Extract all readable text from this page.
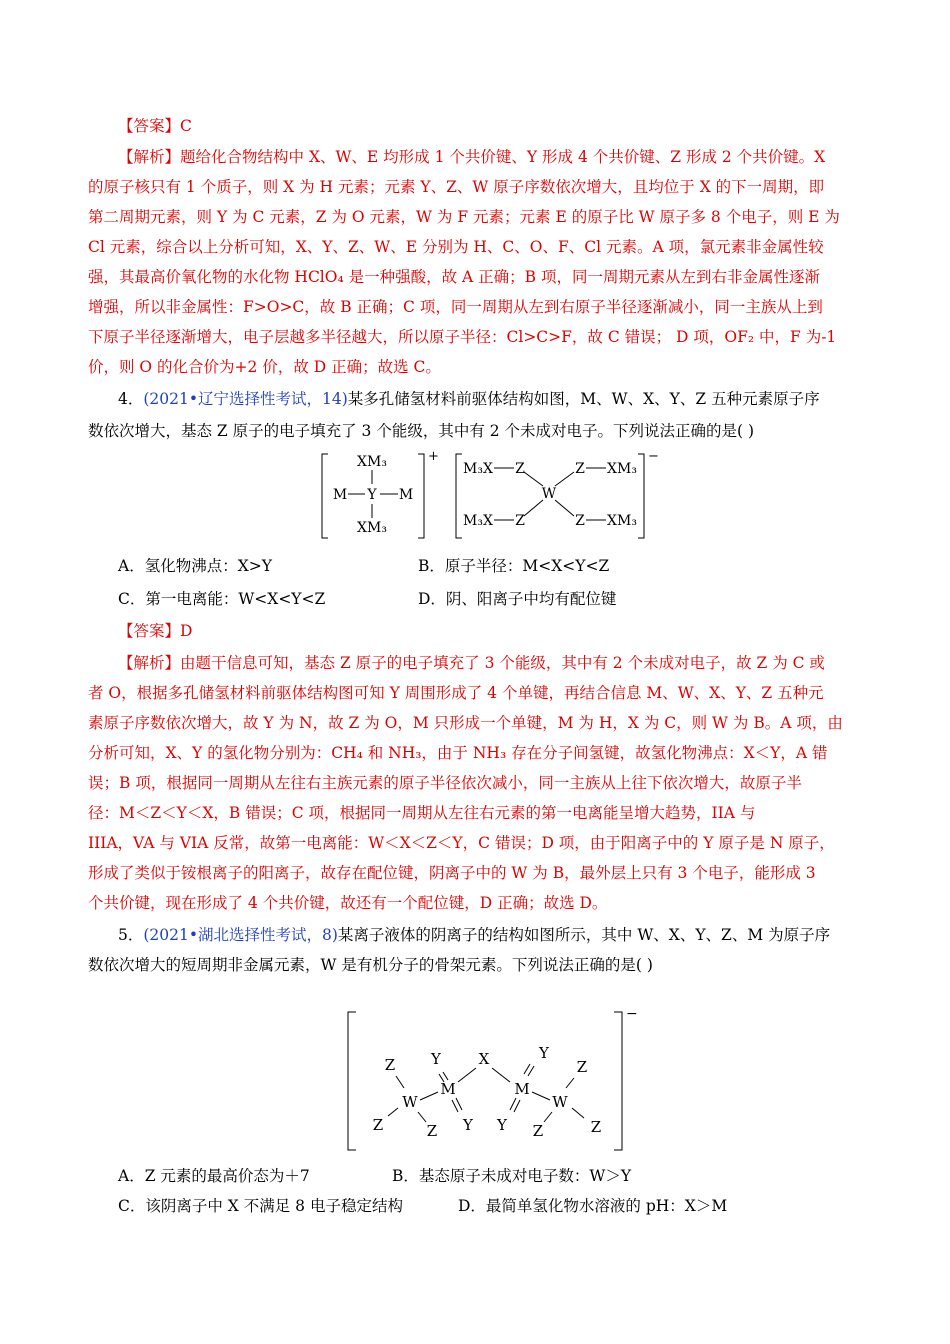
【答案】C
【解析】题给化合物结构中 X、W、E 均形成 1 个共价键、Y 形成 4 个共价键、Z 形成 2 个共价键。X
的原子核只有 1 个质子，则 X 为 H 元素；元素 Y、Z、W 原子序数依次增大，且均位于 X 的下一周期，即
第二周期元素，则 Y 为 C 元素，Z 为 O 元素，W 为 F 元素；元素 E 的原子比 W 原子多 8 个电子，则 E 为
Cl 元素，综合以上分析可知，X、Y、Z、W、E 分别为 H、C、O、F、Cl 元素。A 项，氯元素非金属性较
强，其最高价氧化物的水化物 HClO₄ 是一种强酸，故 A 正确；B 项，同一周期元素从左到右非金属性逐渐
增强，所以非金属性：F>O>C，故 B 正确；C 项，同一周期从左到右原子半径逐渐减小，同一主族从上到
下原子半径逐渐增大，电子层越多半径越大，所以原子半径：Cl>C>F，故 C 错误； D 项，OF₂ 中，F 为-1
价，则 O 的化合价为+2 价，故 D 正确；故选 C。
4．(2021•辽宁选择性考试，14)某多孔储氢材料前驱体结构如图，M、W、X、Y、Z 五种元素原子序
数依次增大，基态 Z 原子的电子填充了 3 个能级，其中有 2 个未成对电子。下列说法正确的是( )
XM₃
M Y M
XM₃
+
M₃X Z
W
Z XM₃
M₃X Z	Z XM₃
−
A．氢化物沸点：X>Y	B．原子半径：M<X<Y<Z
C．第一电离能：W<X<Y<Z	D．阴、阳离子中均有配位键
【答案】D
【解析】由题干信息可知，基态 Z 原子的电子填充了 3 个能级，其中有 2 个未成对电子，故 Z 为 C 或
者 O，根据多孔储氢材料前驱体结构图可知 Y 周围形成了 4 个单键，再结合信息 M、W、X、Y、Z 五种元
素原子序数依次增大，故 Y 为 N，故 Z 为 O，M 只形成一个单键，M 为 H，X 为 C，则 W 为 B。A 项，由
分析可知，X、Y 的氢化物分别为：CH₄ 和 NH₃，由于 NH₃ 存在分子间氢键，故氢化物沸点：X＜Y，A 错
误；B 项，根据同一周期从左往右主族元素的原子半径依次减小，同一主族从上往下依次增大，故原子半
径：M＜Z＜Y＜X，B 错误；C 项，根据同一周期从左往右元素的第一电离能呈增大趋势，IIA 与
IIIA，VA 与 VIA 反常，故第一电离能：W＜X＜Z＜Y，C 错误；D 项，由于阳离子中的 Y 原子是 N 原子，
形成了类似于铵根离子的阳离子，故存在配位键，阴离子中的 W 为 B，最外层上只有 3 个电子，能形成 3
个共价键，现在形成了 4 个共价键，故还有一个配位键，D 正确；故选 D。
5．(2021•湖北选择性考试，8)某离子液体的阴离子的结构如图所示，其中 W、X、Y、Z、M 为原子序
数依次增大的短周期非金属元素，W 是有机分子的骨架元素。下列说法正确的是( )
Z
Z	Z
W
Y
M
Y
X	Y
M
Y
W
Z
Z
Z
−
A．Z 元素的最高价态为＋7	B．基态原子未成对电子数：W＞Y
C．该阴离子中 X 不满足 8 电子稳定结构	D．最简单氢化物水溶液的 pH：X＞M
